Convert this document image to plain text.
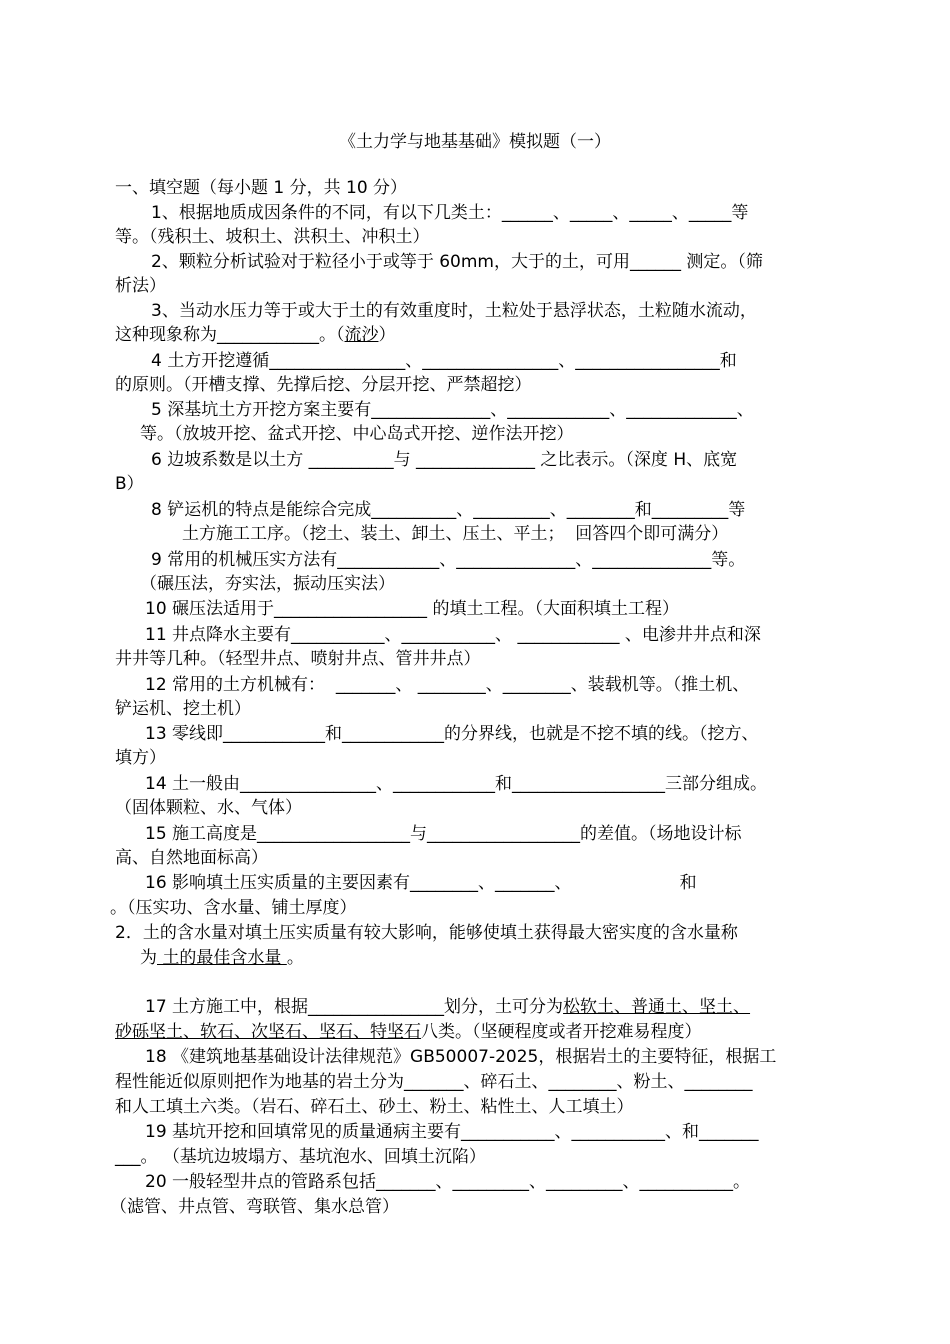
《土力学与地基基础》模拟题（一）
一、填空题（每小题 1 分，共 10 分）
1、根据地质成因条件的不同，有以下几类土：______、_____、_____、_____等
等。（残积土、坡积土、洪积土、冲积土）
2、颗粒分析试验对于粒径小于或等于 60mm，大于的土，可用______ 测定。（筛
析法）
3、当动水压力等于或大于土的有效重度时，土粒处于悬浮状态，土粒随水流动，
这种现象称为____________。（流沙）
4 土方开挖遵循________________、________________、_________________和
的原则。（开槽支撑、先撑后挖、分层开挖、严禁超挖）
5 深基坑土方开挖方案主要有______________、____________、_____________、
等。（放坡开挖、盆式开挖、中心岛式开挖、逆作法开挖）
6 边坡系数是以土方 __________与 ______________ 之比表示。（深度 H、底宽
B）
8 铲运机的特点是能综合完成__________、_________、________和_________等
土方施工工序。（挖土、装土、卸土、压土、平土；  回答四个即可满分）
9 常用的机械压实方法有____________、______________、______________等。
（碾压法，夯实法，振动压实法）
10 碾压法适用于__________________ 的填土工程。（大面积填土工程）
11 井点降水主要有___________、___________、 ____________ 、电渗井井点和深
井井等几种。（轻型井点、喷射井点、管井井点）
12 常用的土方机械有：  _______、 ________、________、装载机等。（推土机、
铲运机、挖土机）
13 零线即____________和____________的分界线，也就是不挖不填的线。（挖方、
填方）
14 土一般由________________、____________和__________________三部分组成。
（固体颗粒、水、气体）
15 施工高度是__________________与__________________的差值。（场地设计标
高、自然地面标高）
16 影响填土压实质量的主要因素有________、_______、                    和
。（压实功、含水量、铺土厚度）
2．土的含水量对填土压实质量有较大影响，能够使填土获得最大密实度的含水量称
为 土的最佳含水量 。
17 土方施工中，根据________________划分，土可分为松软土、普通土、坚土、
砂砾坚土、软石、次坚石、坚石、特坚石八类。（坚硬程度或者开挖难易程度）
18 《建筑地基基础设计法律规范》GB50007-2025，根据岩土的主要特征，根据工
程性能近似原则把作为地基的岩土分为_______、碎石土、________、粉土、________
和人工填土六类。（岩石、碎石土、砂土、粉土、粘性土、人工填土）
19 基坑开挖和回填常见的质量通病主要有___________、___________、和_______
___。 （基坑边坡塌方、基坑泡水、回填土沉陷）
20 一般轻型井点的管路系包括_______、_________、_________、___________。
（滤管、井点管、弯联管、集水总管）
